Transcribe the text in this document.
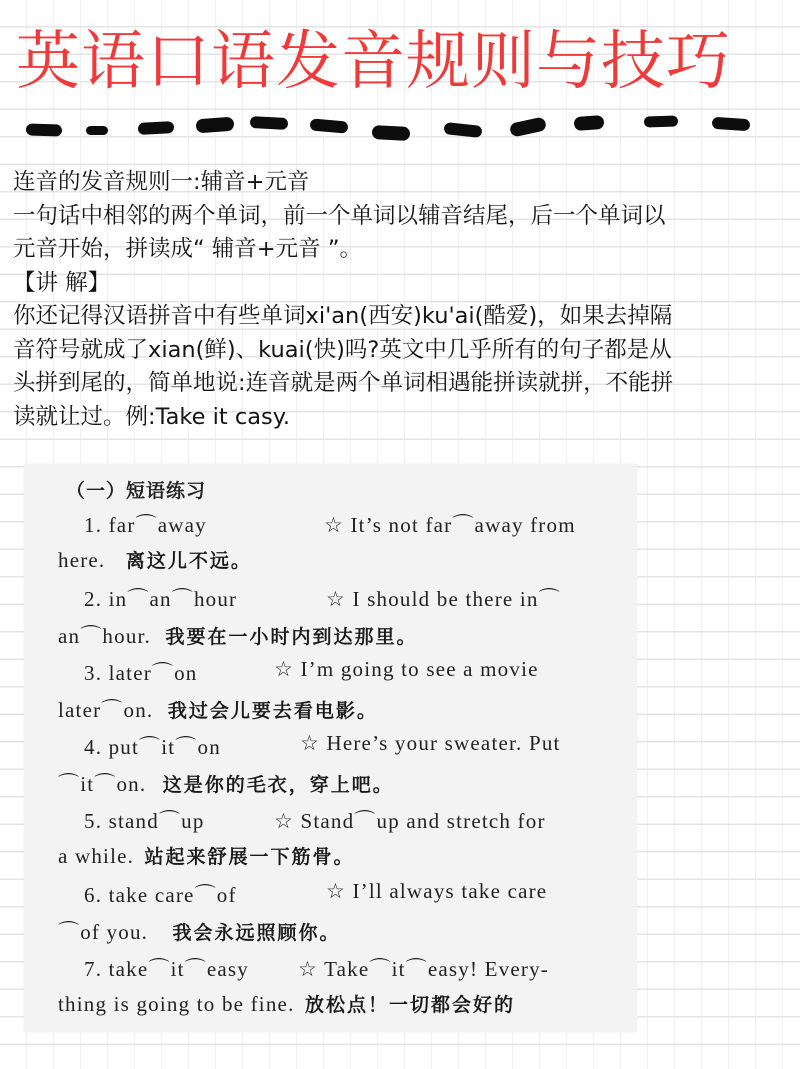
英语口语发音规则与技巧

连音的发音规则一:辅音+元音

一句话中相邻的两个单词，前一个单词以辅音结尾，后一个单词以

元音开始，拼读成“ 辅音+元音 ”。

【讲 解】

你还记得汉语拼音中有些单词xi'an(西安)ku'ai(酷爱)，如果去掉隔

音符号就成了xian(鲜)、kuai(快)吗?英文中几乎所有的句子都是从

头拼到尾的，简单地说:连音就是两个单词相遇能拼读就拼，不能拼

读就让过。例:Take it casy.

（一）短语练习
1. far⌒away	☆ It’s not far⌒away from
here. 离这儿不远。
2. in⌒an⌒hour	☆ I should be there in⌒
an⌒hour. 我要在一小时内到达那里。
3. later⌒on	☆ I’m going to see a movie
later⌒on. 我过会儿要去看电影。
4. put⌒it⌒on	☆ Here’s your sweater. Put
⌒it⌒on. 这是你的毛衣，穿上吧。
5. stand⌒up	☆ Stand⌒up and stretch for
a while. 站起来舒展一下筋骨。
6. take care⌒of	☆ I’ll always take care
⌒of you. 我会永远照顾你。
7. take⌒it⌒easy ☆ Take⌒it⌒easy! Every-
thing is going to be fine. 放松点！一切都会好的
